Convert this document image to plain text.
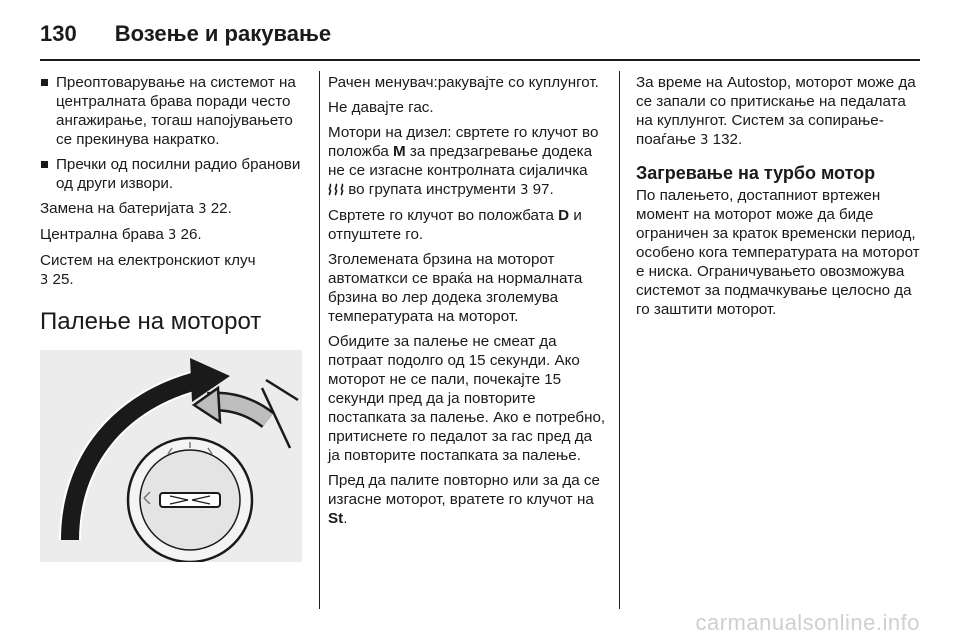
130 Возење и ракување
Преоптоварување на системот на централната брава поради често ангажирање, тогаш напојувањето се прекинува накратко.
Пречки од посилни радио бранови од други извори.

Замена на батеријата 3 22.

Централна брава 3 26.

Систем на електронскиот клуч
3 25.

Палење на моторот

Рачен менувач:ракувајте со куплунгот.

Не давајте гас.

Мотори на дизел: свртете го клучот во положба M за предзагревање додека не се изгасне контролната сијаличка  во групата инструменти 3 97.

Свртете го клучот во положбата D и отпуштете го.

Зголемената брзина на моторот автоматкси се враќа на нормалната брзина во лер додека зголемува температурата на моторот.

Обидите за палење не смеат да потраат подолго од 15 секунди. Ако моторот не се пали, почекајте 15 секунди пред да ја повторите постапката за палење. Ако е потребно, притиснете го педалот за гас пред да ја повторите постапката за палење.

Пред да палите повторно или за да се изгасне моторот, вратете го клучот на St.

За време на Autostop, моторот може да се запали со притискање на педалата на куплунгот. Систем за сопирање-поаѓање 3 132.

Загревање на турбо мотор

По палењето, достапниот вртежен момент на моторот може да биде ограничен за краток временски период, особено кога температурата на моторот е ниска. Ограничувањето овозможува системот за подмачкување целосно да го заштити моторот.

carmanualsonline.info
